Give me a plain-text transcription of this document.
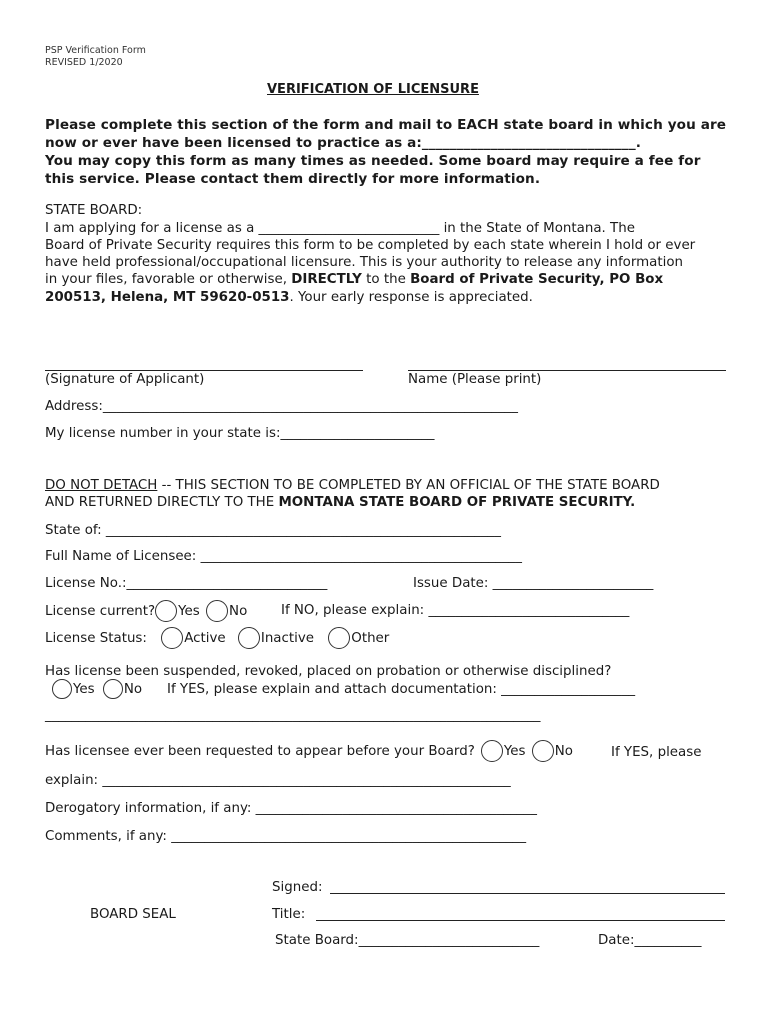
PSP Verification Form
REVISED 1/2020
VERIFICATION OF LICENSURE
Please complete this section of the form and mail to EACH state board in which you are
now or ever have been licensed to practice as a:_______________________________.
You may copy this form as many times as needed. Some board may require a fee for
this service. Please contact them directly for more information.
STATE BOARD:
I am applying for a license as a ___________________________ in the State of Montana. The
Board of Private Security requires this form to be completed by each state wherein I hold or ever
have held professional/occupational licensure. This is your authority to release any information
in your files, favorable or otherwise, DIRECTLY to the Board of Private Security, PO Box
200513, Helena, MT 59620-0513. Your early response is appreciated.
(Signature of Applicant)	Name (Please print)
Address:______________________________________________________________
My license number in your state is:_______________________
DO NOT DETACH -- THIS SECTION TO BE COMPLETED BY AN OFFICIAL OF THE STATE BOARD
AND RETURNED DIRECTLY TO THE MONTANA STATE BOARD OF PRIVATE SECURITY.
State of: ___________________________________________________________
Full Name of Licensee: ________________________________________________
License No.:______________________________	Issue Date: ________________________
License current? Yes No	If NO, please explain: ______________________________
License Status:	Active	Inactive	Other
Has license been suspended, revoked, placed on probation or otherwise disciplined?
Yes No If YES, please explain and attach documentation: ____________________
__________________________________________________________________________
Has licensee ever been requested to appear before your Board? Yes No	If YES, please
explain: _____________________________________________________________
Derogatory information, if any: __________________________________________
Comments, if any: _____________________________________________________
Signed:
BOARD SEAL	Title:
State Board:___________________________	Date:__________
